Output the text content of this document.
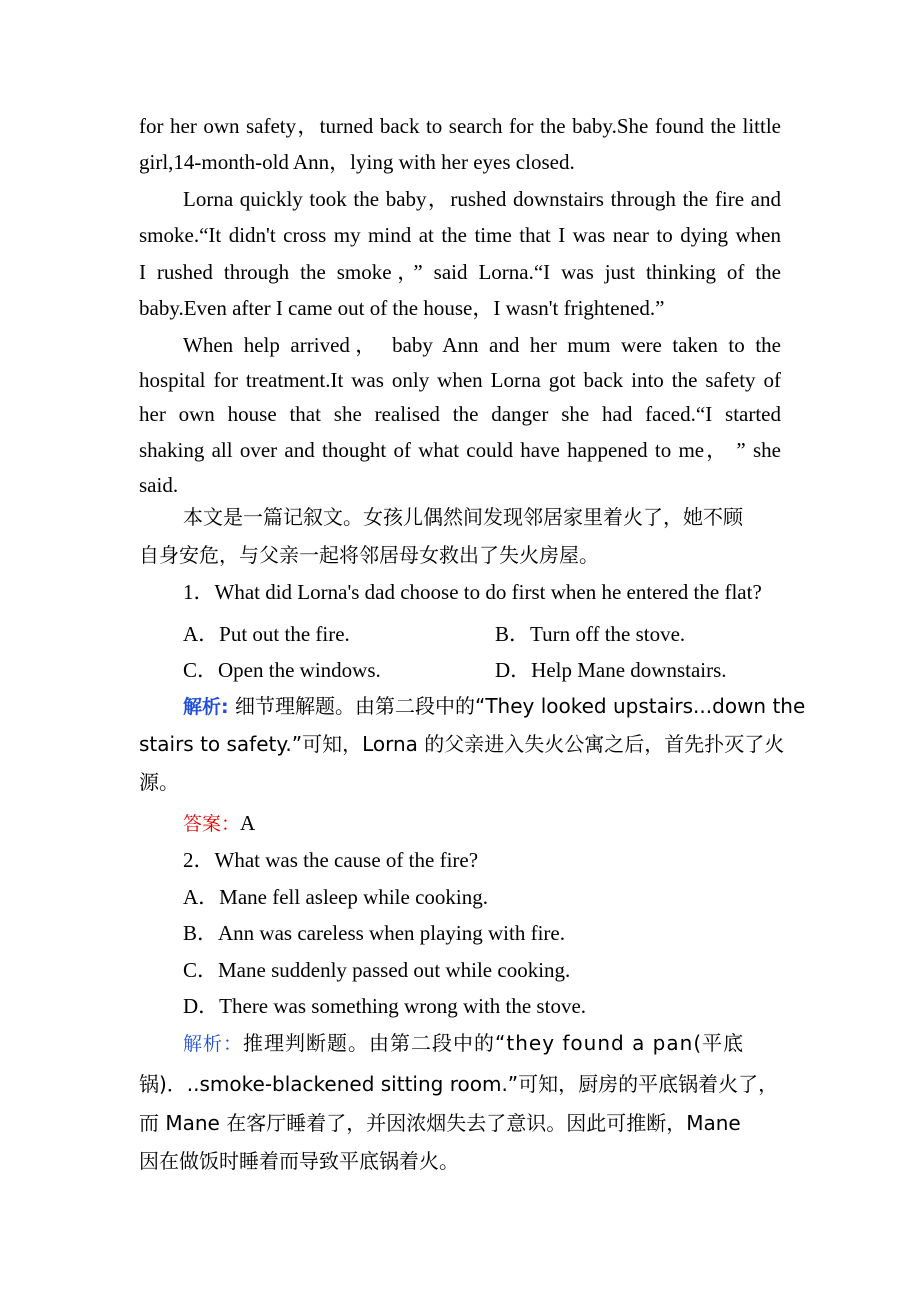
for her own safety，turned back to search for the baby.She found the little
girl,14-month-old Ann，lying with her eyes closed.
Lorna quickly took the baby，rushed downstairs through the fire and
smoke.“It didn't cross my mind at the time that I was near to dying when
I rushed through the smoke，” said Lorna.“I was just thinking of the
baby.Even after I came out of the house，I wasn't frightened.”
When help arrived， baby Ann and her mum were taken to the
hospital for treatment.It was only when Lorna got back into the safety of
her own house that she realised the danger she had faced.“I started
shaking all over and thought of what could have happened to me， ” she
said.
本文是一篇记叙文。女孩儿偶然间发现邻居家里着火了，她不顾
自身安危，与父亲一起将邻居母女救出了失火房屋。
1．What did Lorna's dad choose to do first when he entered the flat?
A．Put out the fire.	B．Turn off the stove.
C．Open the windows.	D．Help Mane downstairs.
解析: 细节理解题。由第二段中的“They looked upstairs...down the
stairs to safety.”可知，Lorna 的父亲进入失火公寓之后，首先扑灭了火
源。
答案：A
2．What was the cause of the fire?
A．Mane fell asleep while cooking.
B．Ann was careless when playing with fire.
C．Mane suddenly passed out while cooking.
D．There was something wrong with the stove.
解析：推理判断题。由第二段中的“they found a pan(平底
锅)．..smoke-blackened sitting room.”可知，厨房的平底锅着火了，
而 Mane 在客厅睡着了，并因浓烟失去了意识。因此可推断，Mane
因在做饭时睡着而导致平底锅着火。
